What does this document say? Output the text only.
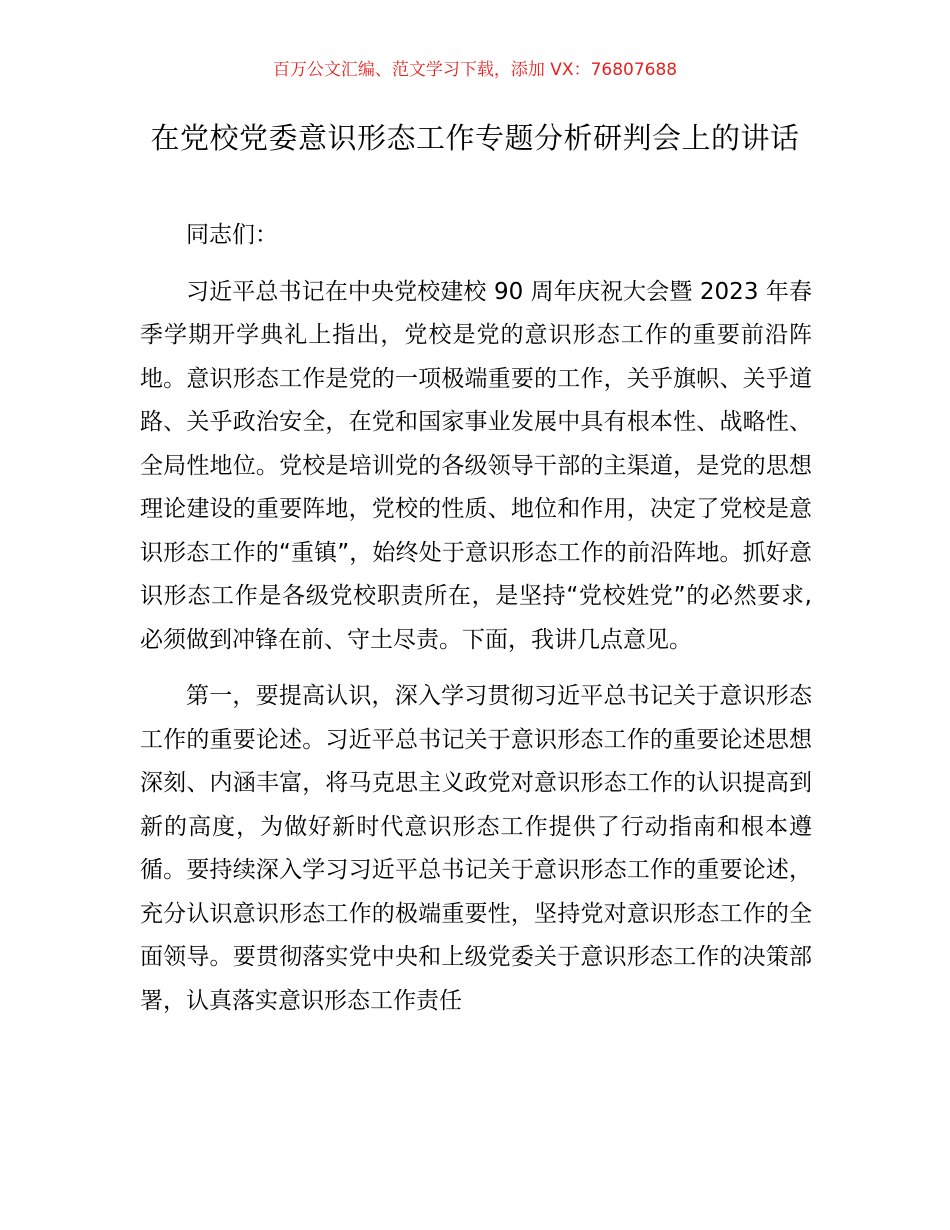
百万公文汇编、范文学习下载，添加 VX：76807688
在党校党委意识形态工作专题分析研判会上的讲话

同志们：

习近平总书记在中央党校建校 90 周年庆祝大会暨 2023 年春季学期开学典礼上指出，党校是党的意识形态工作的重要前沿阵地。意识形态工作是党的一项极端重要的工作，关乎旗帜、关乎道路、关乎政治安全，在党和国家事业发展中具有根本性、战略性、全局性地位。党校是培训党的各级领导干部的主渠道，是党的思想理论建设的重要阵地，党校的性质、地位和作用，决定了党校是意识形态工作的“重镇”，始终处于意识形态工作的前沿阵地。抓好意识形态工作是各级党校职责所在，是坚持“党校姓党”的必然要求,必须做到冲锋在前、守土尽责。下面，我讲几点意见。

第一，要提高认识，深入学习贯彻习近平总书记关于意识形态工作的重要论述。习近平总书记关于意识形态工作的重要论述思想深刻、内涵丰富，将马克思主义政党对意识形态工作的认识提高到新的高度，为做好新时代意识形态工作提供了行动指南和根本遵循。要持续深入学习习近平总书记关于意识形态工作的重要论述，充分认识意识形态工作的极端重要性，坚持党对意识形态工作的全面领导。要贯彻落实党中央和上级党委关于意识形态工作的决策部署，认真落实意识形态工作责任
